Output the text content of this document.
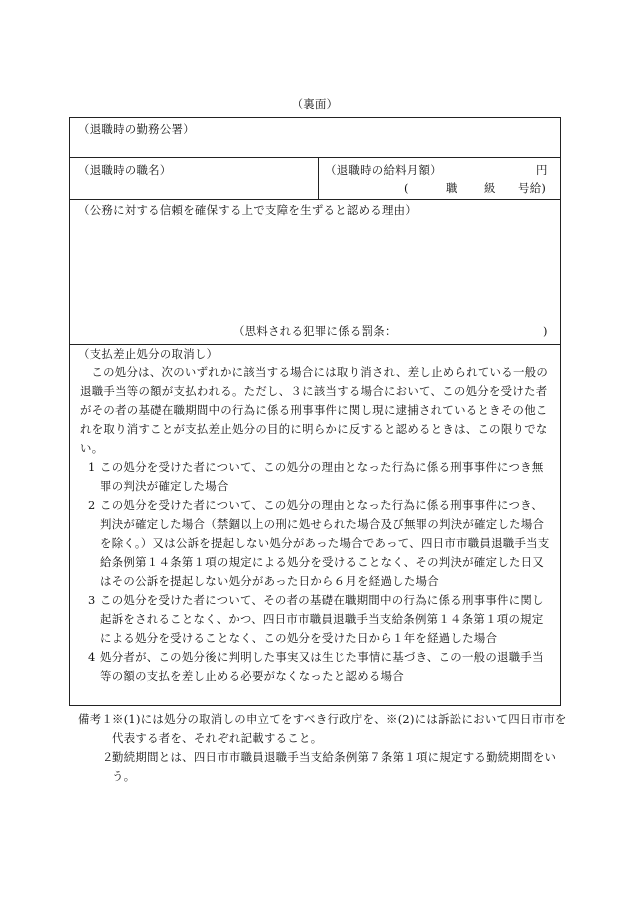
（裏面）
（退職時の勤務公署）
（退職時の職名）	（退職時の給料月額）	円
(	職 級 号給)
（公務に対する信頼を確保する上で支障を生ずると認める理由）
（思料される犯罪に係る罰条：	)
（支払差止処分の取消し）

この処分は、次のいずれかに該当する場合には取り消され、差し止められている一般の退職手当等の額が支払われる。ただし、３に該当する場合において、この処分を受けた者がその者の基礎在職期間中の行為に係る刑事事件に関し現に逮捕されているときその他これを取り消すことが支払差止処分の目的に明らかに反すると認めるときは、この限りでない。

1 この処分を受けた者について、この処分の理由となった行為に係る刑事事件につき無罪の判決が確定した場合
2 この処分を受けた者について、この処分の理由となった行為に係る刑事事件につき、判決が確定した場合（禁錮以上の刑に処せられた場合及び無罪の判決が確定した場合を除く。）又は公訴を提起しない処分があった場合であって、四日市市職員退職手当支給条例第１４条第１項の規定による処分を受けることなく、その判決が確定した日又はその公訴を提起しない処分があった日から６月を経過した場合
3 この処分を受けた者について、その者の基礎在職期間中の行為に係る刑事事件に関し起訴をされることなく、かつ、四日市市職員退職手当支給条例第１４条第１項の規定による処分を受けることなく、この処分を受けた日から１年を経過した場合
4 処分者が、この処分後に判明した事実又は生じた事情に基づき、この一般の退職手当等の額の支払を差し止める必要がなくなったと認める場合
備考１
※(1)には処分の取消しの申立てをすべき行政庁を、※(2)には訴訟において四日市市を代表する者を、それぞれ記載すること。
２
勤続期間とは、四日市市職員退職手当支給条例第７条第１項に規定する勤続期間をいう。
